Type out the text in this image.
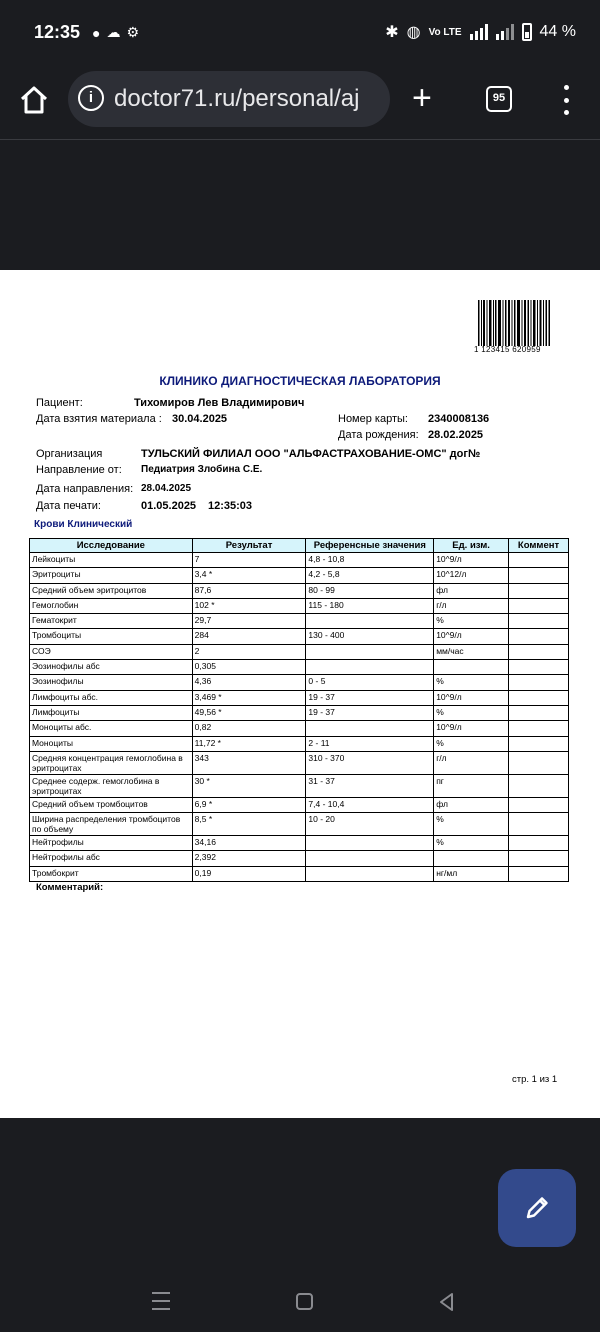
12:35 ● ☁ ⚙	✱ ◍ Vo LTE	44 %
i doctor71.ru/personal/aj +	95
1 123415 620959
КЛИНИКО ДИАГНОСТИЧЕСКАЯ ЛАБОРАТОРИЯ
Пациент:	Тихомиров Лев Владимирович
Дата взятия материала : 30.04.2025	Номер карты: 2340008136
Дата рождения: 28.02.2025
Организация	ТУЛЬСКИЙ ФИЛИАЛ ООО "АЛЬФАСТРАХОВАНИЕ-ОМС" дог№
Направление от: Педиатрия Злобина С.Е.
Дата направления: 28.04.2025
Дата печати:	01.05.2025 12:35:03
Крови Клинический
Исследование	Результат	Референсные значения	Ед. изм.	Коммент
Лейкоциты	7	4,8 - 10,8	10^9/л	
Эритроциты	3,4 *	4,2 - 5,8	10^12/л	
Средний объем эритроцитов	87,6	80 - 99	фл	
Гемоглобин	102 *	115 - 180	г/л	
Гематокрит	29,7		%	
Тромбоциты	284	130 - 400	10^9/л	
СОЭ	2		мм/час	
Эозинофилы абс	0,305			
Эозинофилы	4,36	0 - 5	%	
Лимфоциты абс.	3,469 *	19 - 37	10^9/л	
Лимфоциты	49,56 *	19 - 37	%	
Моноциты абс.	0,82		10^9/л	
Моноциты	11,72 *	2 - 11	%	
Средняя концентрация гемоглобина в эритроцитах	343	310 - 370	г/л	
Среднее содерж. гемоглобина в эритроцитах	30 *	31 - 37	пг	
Средний объем тромбоцитов	6,9 *	7,4 - 10,4	фл	
Ширина распределения тромбоцитов по объему	8,5 *	10 - 20	%	
Нейтрофилы	34,16		%	
Нейтрофилы абс	2,392			
Тромбокрит	0,19		нг/мл	
Комментарий:
стр. 1 из 1
